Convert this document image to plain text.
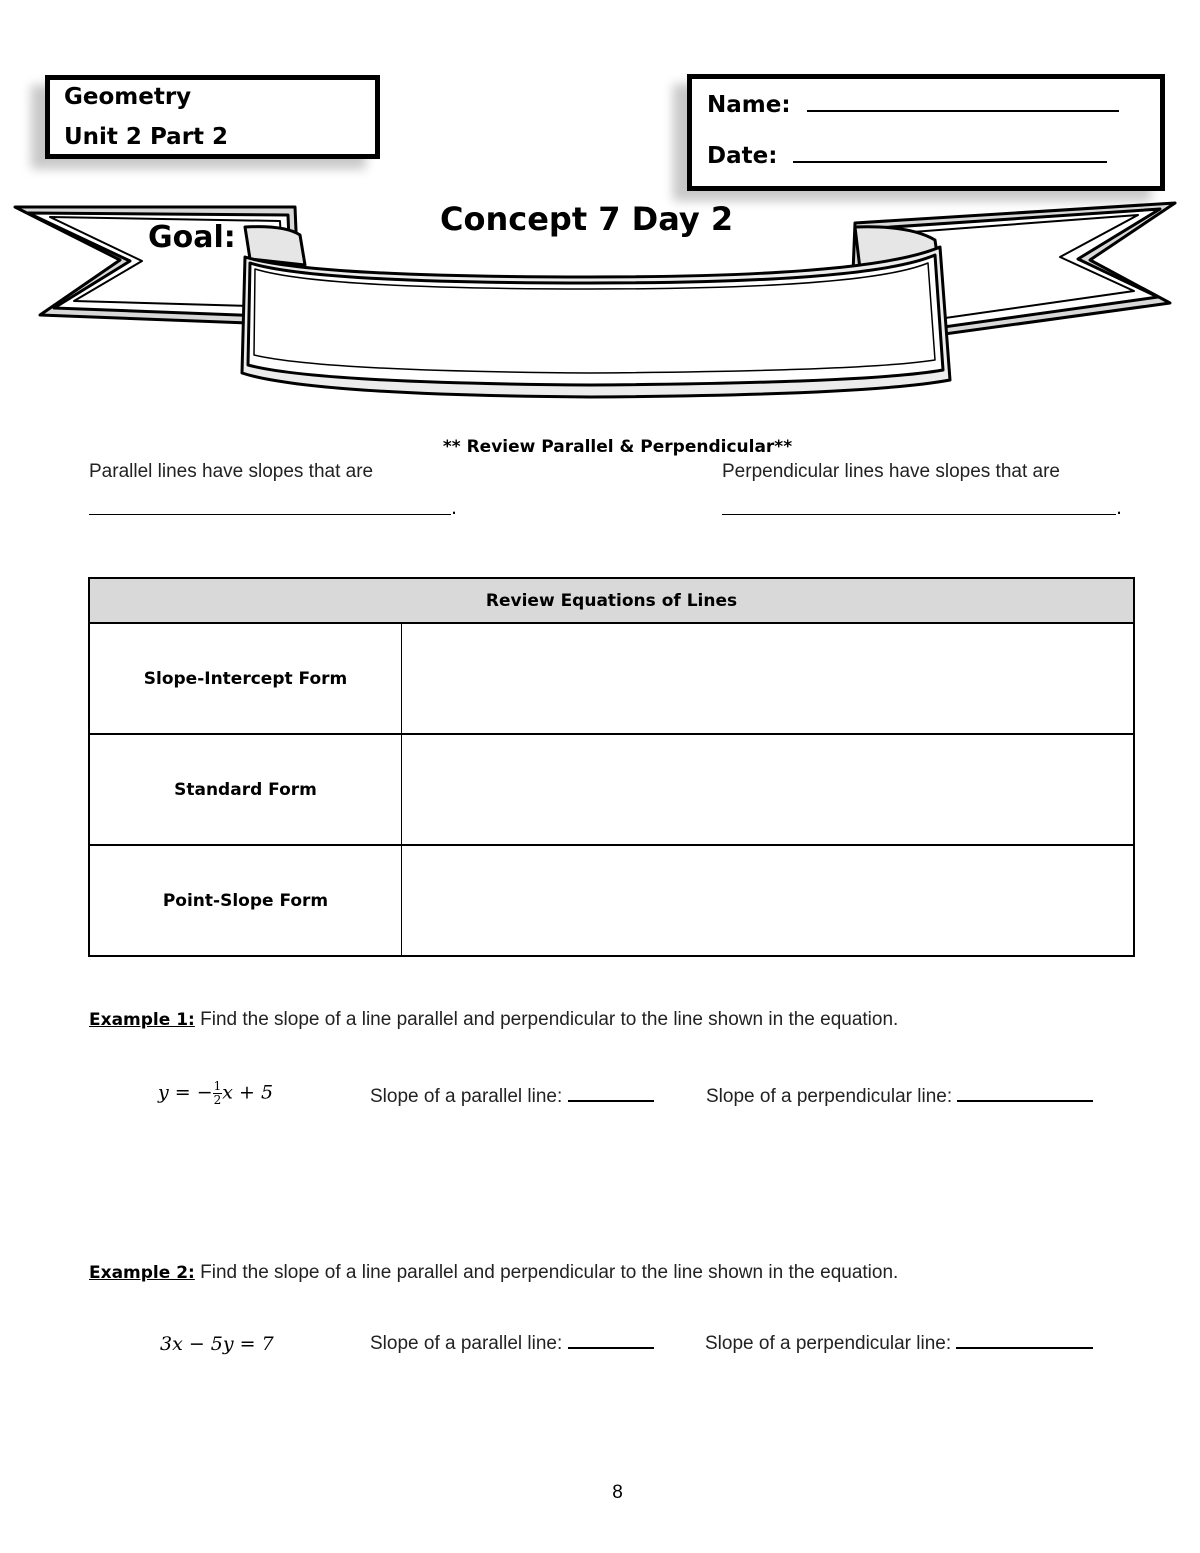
Geometry
Unit 2 Part 2
Name:
Date:
Goal:	Concept 7 Day 2
** Review Parallel & Perpendicular**
Parallel lines have slopes that are
.
Perpendicular lines have slopes that are
.
Review Equations of Lines	
Slope-Intercept Form	
Standard Form	
Point-Slope Form	
Example 1: Find the slope of a line parallel and perpendicular to the line shown in the equation.
y = − $\frac{1}{2}$ x + 5	Slope of a parallel line:	Slope of a perpendicular line:
Example 2: Find the slope of a line parallel and perpendicular to the line shown in the equation.
3x − 5y = 7	Slope of a parallel line:	Slope of a perpendicular line:
8
